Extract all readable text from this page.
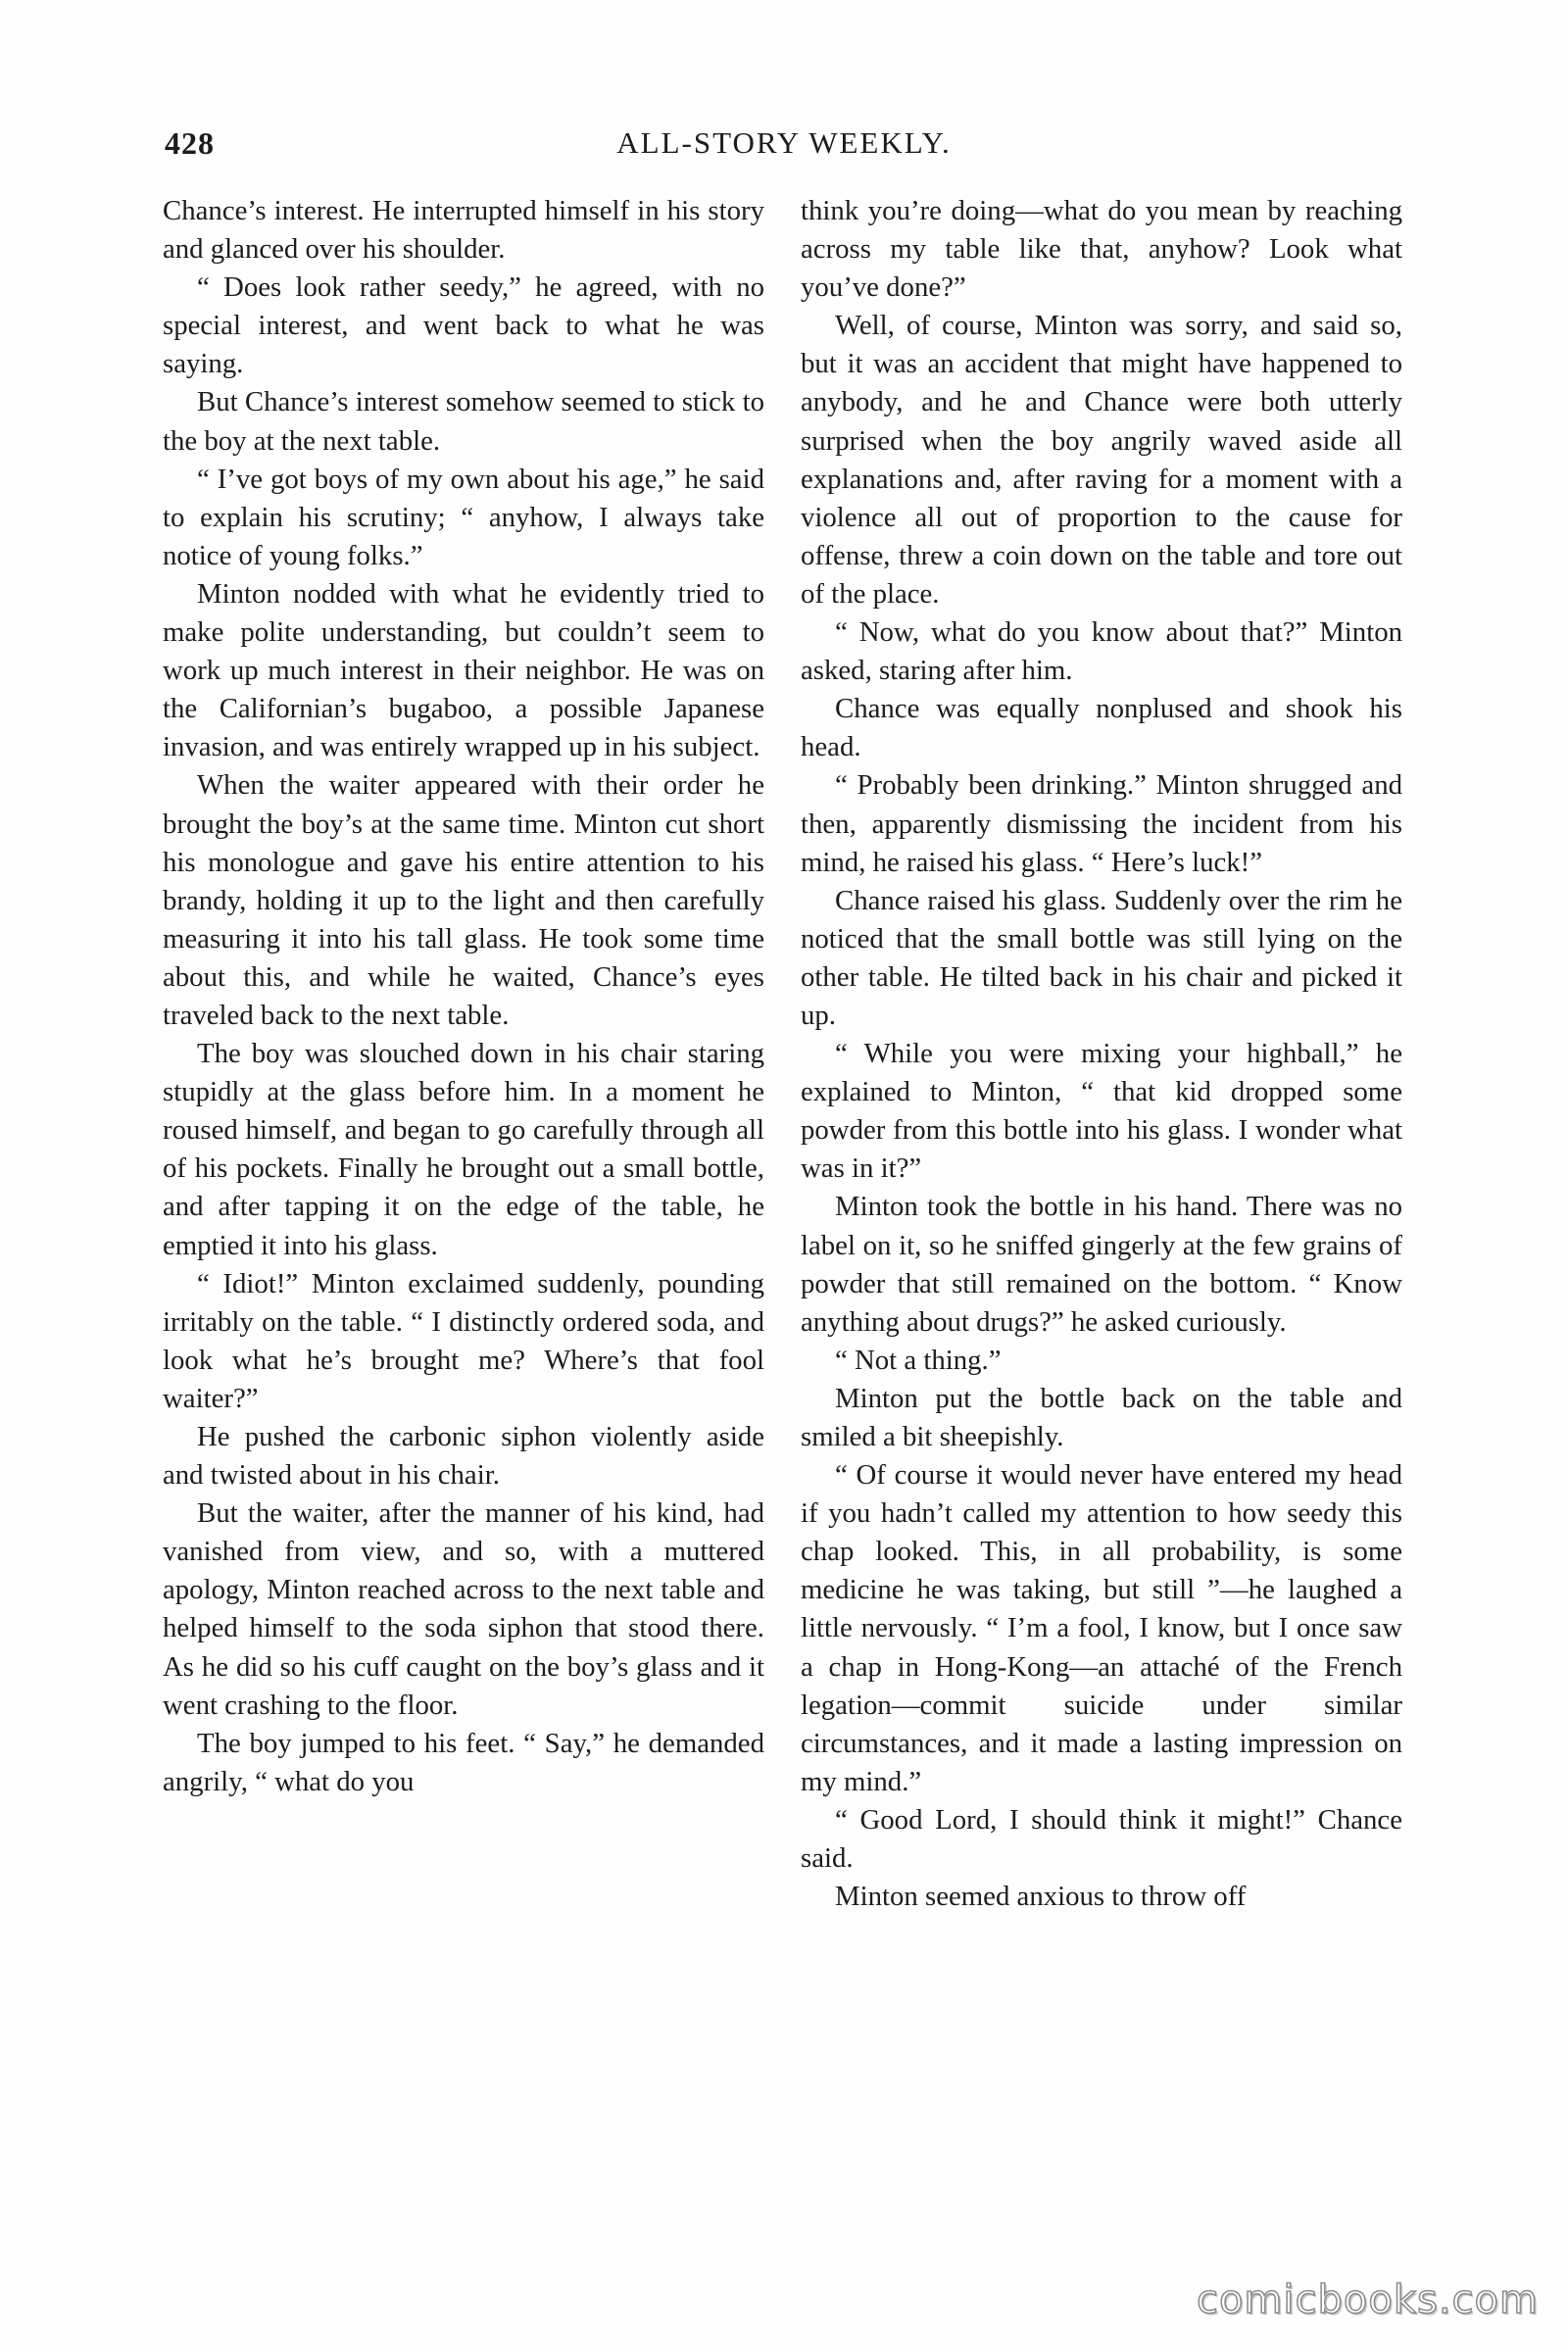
428	ALL-STORY WEEKLY.

Chance’s interest. He interrupted himself in his story and glanced over his shoulder.

“ Does look rather seedy,” he agreed, with no special interest, and went back to what he was saying.

But Chance’s interest somehow seemed to stick to the boy at the next table.

“ I’ve got boys of my own about his age,” he said to explain his scrutiny; “ anyhow, I always take notice of young folks.”

Minton nodded with what he evidently tried to make polite understanding, but couldn’t seem to work up much interest in their neighbor. He was on the Californian’s bugaboo, a possible Japanese invasion, and was entirely wrapped up in his subject.

When the waiter appeared with their order he brought the boy’s at the same time. Minton cut short his monologue and gave his entire attention to his brandy, holding it up to the light and then carefully measuring it into his tall glass. He took some time about this, and while he waited, Chance’s eyes traveled back to the next table.

The boy was slouched down in his chair staring stupidly at the glass before him. In a moment he roused himself, and began to go carefully through all of his pockets. Finally he brought out a small bottle, and after tapping it on the edge of the table, he emptied it into his glass.

“ Idiot!” Minton exclaimed suddenly, pounding irritably on the table. “ I distinctly ordered soda, and look what he’s brought me? Where’s that fool waiter?”

He pushed the carbonic siphon violently aside and twisted about in his chair.

But the waiter, after the manner of his kind, had vanished from view, and so, with a muttered apology, Minton reached across to the next table and helped himself to the soda siphon that stood there. As he did so his cuff caught on the boy’s glass and it went crashing to the floor.

The boy jumped to his feet. “ Say,” he demanded angrily, “ what do you

think you’re doing—what do you mean by reaching across my table like that, anyhow? Look what you’ve done?”

Well, of course, Minton was sorry, and said so, but it was an accident that might have happened to anybody, and he and Chance were both utterly surprised when the boy angrily waved aside all explanations and, after raving for a moment with a violence all out of proportion to the cause for offense, threw a coin down on the table and tore out of the place.

“ Now, what do you know about that?” Minton asked, staring after him.

Chance was equally nonplused and shook his head.

“ Probably been drinking.” Minton shrugged and then, apparently dismissing the incident from his mind, he raised his glass. “ Here’s luck!”

Chance raised his glass. Suddenly over the rim he noticed that the small bottle was still lying on the other table. He tilted back in his chair and picked it up.

“ While you were mixing your highball,” he explained to Minton, “ that kid dropped some powder from this bottle into his glass. I wonder what was in it?”

Minton took the bottle in his hand. There was no label on it, so he sniffed gingerly at the few grains of powder that still remained on the bottom. “ Know anything about drugs?” he asked curiously.

“ Not a thing.”

Minton put the bottle back on the table and smiled a bit sheepishly.

“ Of course it would never have entered my head if you hadn’t called my attention to how seedy this chap looked. This, in all probability, is some medicine he was taking, but still ”—he laughed a little nervously. “ I’m a fool, I know, but I once saw a chap in Hong-Kong—an attaché of the French legation—commit suicide under similar circumstances, and it made a lasting impression on my mind.”

“ Good Lord, I should think it might!” Chance said.

Minton seemed anxious to throw off

comicbooks.com
